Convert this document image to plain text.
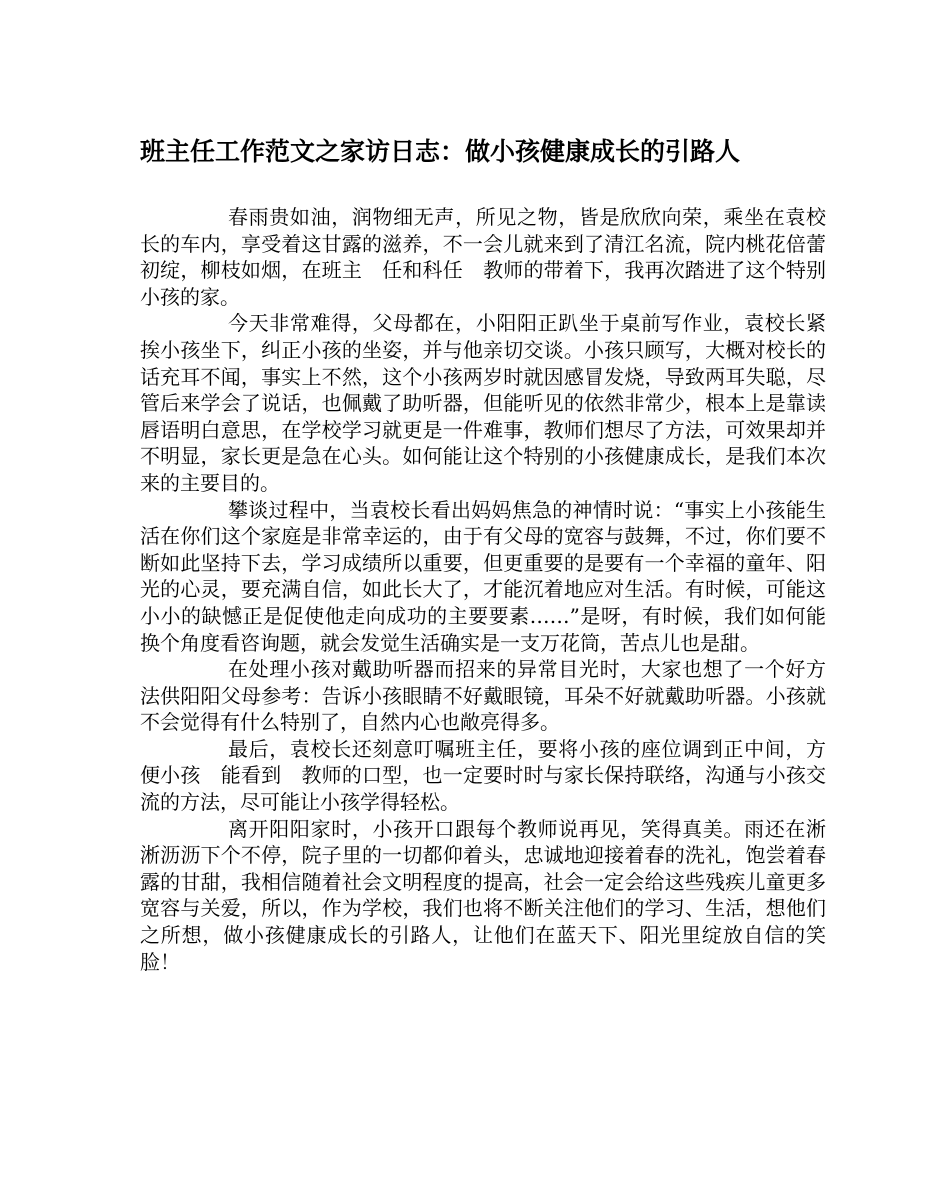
班主任工作范文之家访日志：做小孩健康成长的引路人

春雨贵如油，润物细无声，所见之物，皆是欣欣向荣，乘坐在袁校长的车内，享受着这甘露的滋养，不一会儿就来到了清江名流，院内桃花倍蕾初绽，柳枝如烟，在班主　任和科任　教师的带着下，我再次踏进了这个特别小孩的家。

今天非常难得，父母都在，小阳阳正趴坐于桌前写作业，袁校长紧挨小孩坐下，纠正小孩的坐姿，并与他亲切交谈。小孩只顾写，大概对校长的话充耳不闻，事实上不然，这个小孩两岁时就因感冒发烧，导致两耳失聪，尽管后来学会了说话，也佩戴了助听器，但能听见的依然非常少，根本上是靠读唇语明白意思，在学校学习就更是一件难事，教师们想尽了方法，可效果却并不明显，家长更是急在心头。如何能让这个特别的小孩健康成长，是我们本次来的主要目的。

攀谈过程中，当袁校长看出妈妈焦急的神情时说：“事实上小孩能生活在你们这个家庭是非常幸运的，由于有父母的宽容与鼓舞，不过，你们要不断如此坚持下去，学习成绩所以重要，但更重要的是要有一个幸福的童年、阳光的心灵，要充满自信，如此长大了，才能沉着地应对生活。有时候，可能这小小的缺憾正是促使他走向成功的主要要素……”是呀，有时候，我们如何能换个角度看咨询题，就会发觉生活确实是一支万花筒，苦点儿也是甜。

在处理小孩对戴助听器而招来的异常目光时，大家也想了一个好方法供阳阳父母参考：告诉小孩眼睛不好戴眼镜，耳朵不好就戴助听器。小孩就不会觉得有什么特别了，自然内心也敞亮得多。

最后，袁校长还刻意叮嘱班主任，要将小孩的座位调到正中间，方便小孩　能看到　教师的口型，也一定要时时与家长保持联络，沟通与小孩交流的方法，尽可能让小孩学得轻松。

离开阳阳家时，小孩开口跟每个教师说再见，笑得真美。雨还在淅淅沥沥下个不停，院子里的一切都仰着头，忠诚地迎接着春的洗礼，饱尝着春露的甘甜，我相信随着社会文明程度的提高，社会一定会给这些残疾儿童更多宽容与关爱，所以，作为学校，我们也将不断关注他们的学习、生活，想他们之所想，做小孩健康成长的引路人，让他们在蓝天下、阳光里绽放自信的笑脸！
